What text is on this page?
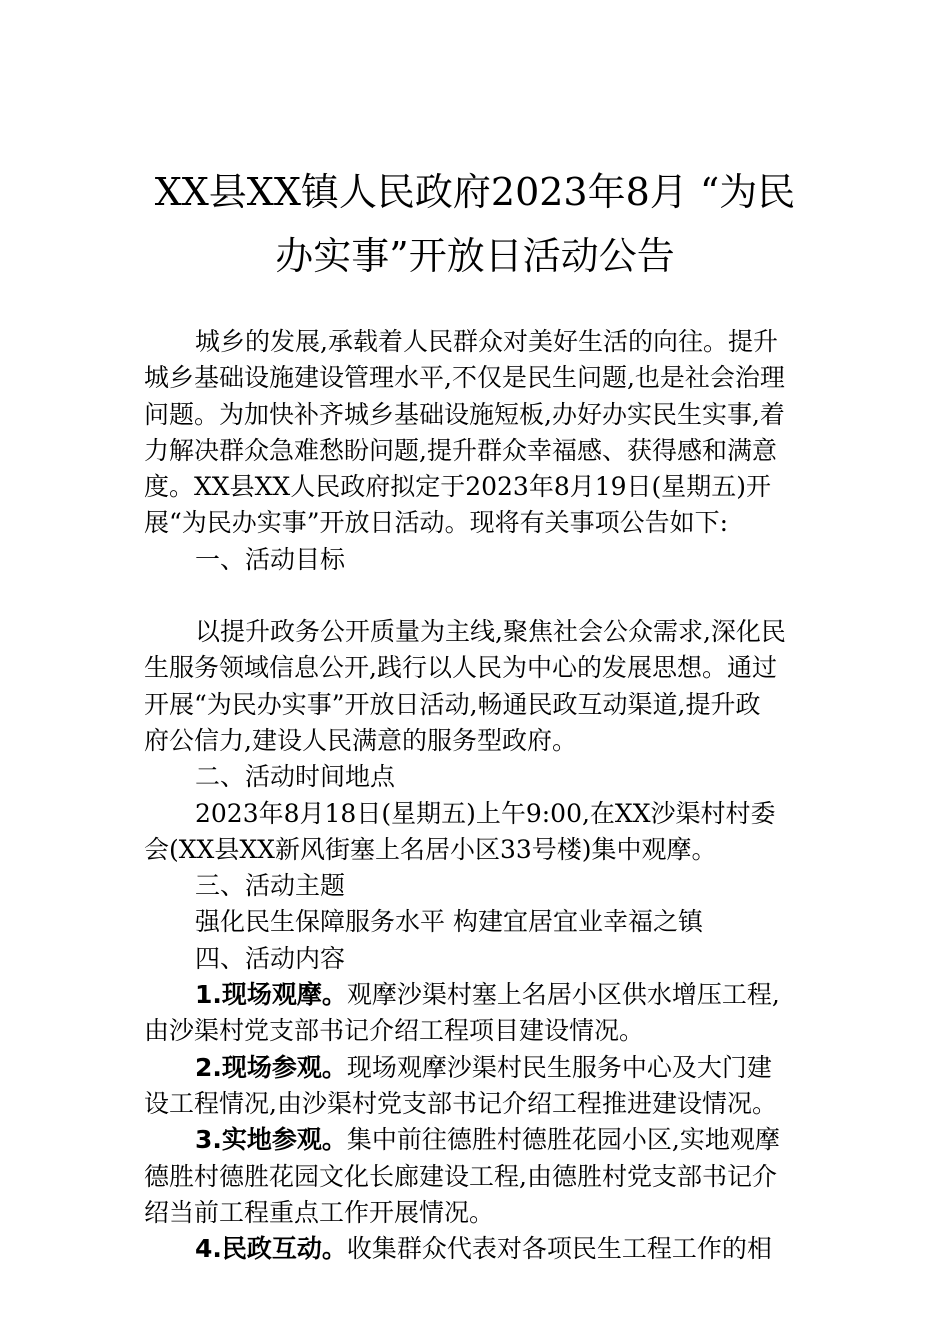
XX县XX镇人民政府2023年8月 “为民
办实事”开放日活动公告
城乡的发展,承载着人民群众对美好生活的向往。提升
城乡基础设施建设管理水平,不仅是民生问题,也是社会治理
问题。为加快补齐城乡基础设施短板,办好办实民生实事,着
力解决群众急难愁盼问题,提升群众幸福感、获得感和满意
度。XX县XX人民政府拟定于2023年8月19日(星期五)开
展“为民办实事”开放日活动。现将有关事项公告如下:
一、活动目标
以提升政务公开质量为主线,聚焦社会公众需求,深化民
生服务领域信息公开,践行以人民为中心的发展思想。通过
开展“为民办实事”开放日活动,畅通民政互动渠道,提升政
府公信力,建设人民满意的服务型政府。
二、活动时间地点
2023年8月18日(星期五)上午9:00,在XX沙渠村村委
会(XX县XX新风街塞上名居小区33号楼)集中观摩。
三、活动主题
强化民生保障服务水平 构建宜居宜业幸福之镇
四、活动内容
1.现场观摩。观摩沙渠村塞上名居小区供水增压工程,
由沙渠村党支部书记介绍工程项目建设情况。
2.现场参观。现场观摩沙渠村民生服务中心及大门建
设工程情况,由沙渠村党支部书记介绍工程推进建设情况。
3.实地参观。集中前往德胜村德胜花园小区,实地观摩
德胜村德胜花园文化长廊建设工程,由德胜村党支部书记介
绍当前工程重点工作开展情况。
4.民政互动。收集群众代表对各项民生工程工作的相
